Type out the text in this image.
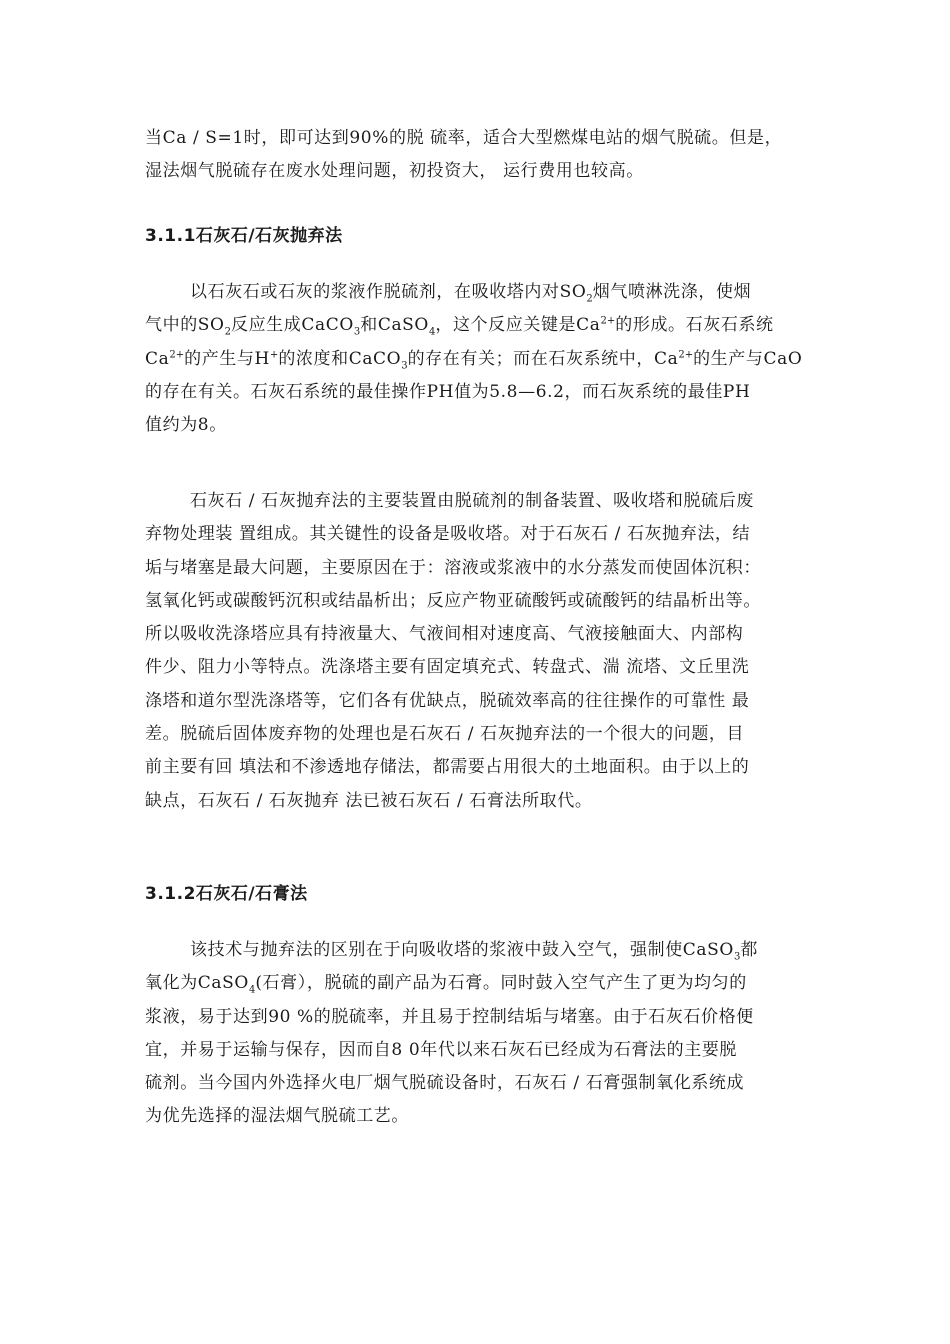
当Ca / S=1时，即可达到90%的脱 硫率，适合大型燃煤电站的烟气脱硫。但是，

湿法烟气脱硫存在废水处理问题，初投资大， 运行费用也较高。

3.1.1石灰石/石灰抛弃法

以石灰石或石灰的浆液作脱硫剂，在吸收塔内对$SO_2$烟气喷淋洗涤，使烟

气中的$SO_2$反应生成CaCO$_3$和CaSO$_4$，这个反应关键是$Ca^{2+}$的形成。石灰石系统

$Ca^{2+}$的产生与H+的浓度和CaCO$_3$的存在有关；而在石灰系统中，$Ca^{2+}$的生产与CaO

的存在有关。石灰石系统的最佳操作PH值为5.8—6.2，而石灰系统的最佳PH

值约为8。

石灰石 / 石灰抛弃法的主要装置由脱硫剂的制备装置、吸收塔和脱硫后废

弃物处理装 置组成。其关键性的设备是吸收塔。对于石灰石 / 石灰抛弃法，结

垢与堵塞是最大问题，主要原因在于：溶液或浆液中的水分蒸发而使固体沉积：

氢氧化钙或碳酸钙沉积或结晶析出；反应产物亚硫酸钙或硫酸钙的结晶析出等。

所以吸收洗涤塔应具有持液量大、气液间相对速度高、气液接触面大、内部构

件少、阻力小等特点。洗涤塔主要有固定填充式、转盘式、湍 流塔、文丘里洗

涤塔和道尔型洗涤塔等，它们各有优缺点，脱硫效率高的往往操作的可靠性 最

差。脱硫后固体废弃物的处理也是石灰石 / 石灰抛弃法的一个很大的问题，目

前主要有回 填法和不渗透地存储法，都需要占用很大的土地面积。由于以上的

缺点，石灰石 / 石灰抛弃 法已被石灰石 / 石膏法所取代。

3.1.2石灰石/石膏法

该技术与抛弃法的区别在于向吸收塔的浆液中鼓入空气，强制使CaSO$_3$都

氧化为CaSO$_4$(石膏），脱硫的副产品为石膏。同时鼓入空气产生了更为均匀的

浆液，易于达到90 %的脱硫率，并且易于控制结垢与堵塞。由于石灰石价格便

宜，并易于运输与保存，因而自8 0年代以来石灰石已经成为石膏法的主要脱

硫剂。当今国内外选择火电厂烟气脱硫设备时，石灰石 / 石膏强制氧化系统成

为优先选择的湿法烟气脱硫工艺。
